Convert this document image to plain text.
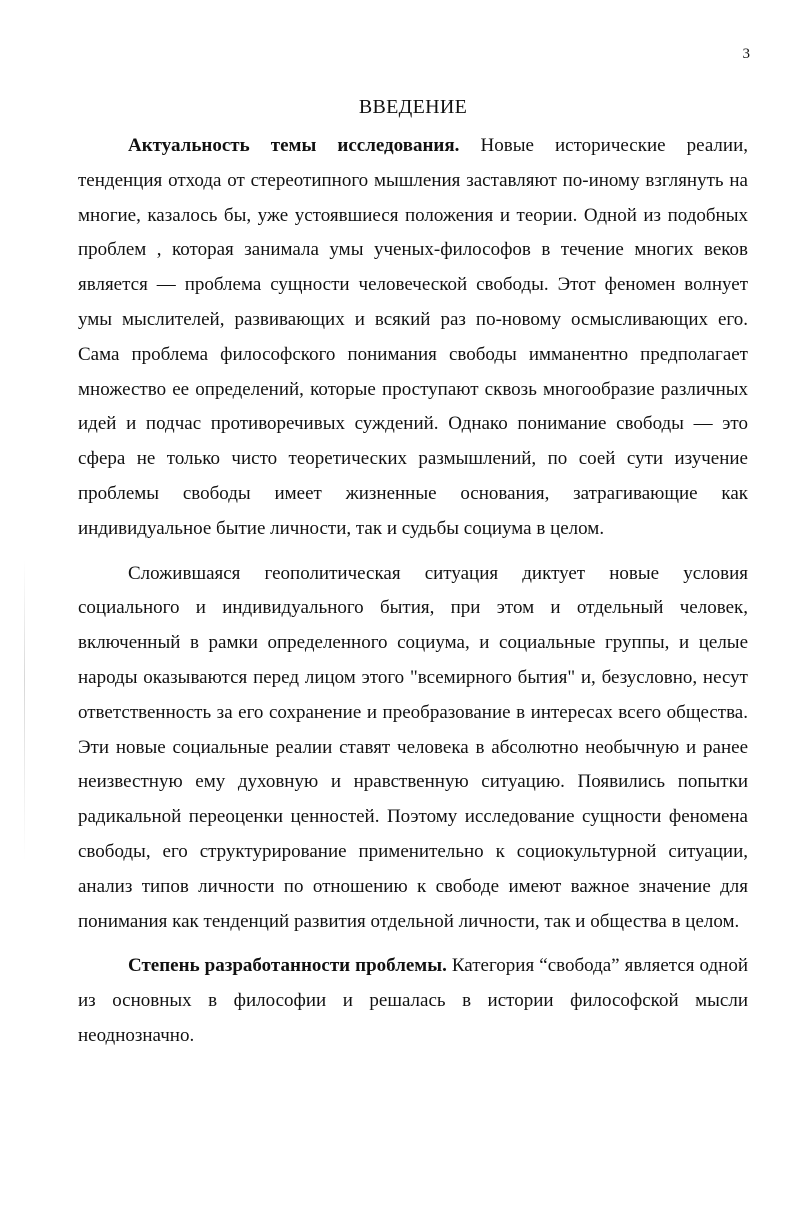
3
ВВЕДЕНИЕ

Актуальность темы исследования. Новые исторические реалии, тенденция отхода от стереотипного мышления заставляют по-иному взглянуть на многие, казалось бы, уже устоявшиеся положения и теории. Одной из подобных проблем , которая занимала умы ученых-философов в течение многих веков является — проблема сущности человеческой свободы. Этот феномен волнует умы мыслителей, развивающих и всякий раз по-новому осмысливающих его. Сама проблема философского понимания свободы имманентно предполагает множество ее определений, которые проступают сквозь многообразие различных идей и подчас противоречивых суждений. Однако понимание свободы — это сфера не только чисто теоретических размышлений, по соей сути изучение проблемы свободы имеет жизненные основания, затрагивающие как индивидуальное бытие личности, так и судьбы социума в целом.

Сложившаяся геополитическая ситуация диктует новые условия социального и индивидуального бытия, при этом и отдельный человек, включенный в рамки определенного социума, и социальные группы, и целые народы оказываются перед лицом этого "всемирного бытия" и, безусловно, несут ответственность за его сохранение и преобразование в интересах всего общества. Эти новые социальные реалии ставят человека в абсолютно необычную и ранее неизвестную ему духовную и нравственную ситуацию. Появились попытки радикальной переоценки ценностей. Поэтому исследование сущности феномена свободы, его структурирование применительно к социокультурной ситуации, анализ типов личности по отношению к свободе имеют важное значение для понимания как тенденций развития отдельной личности, так и общества в целом.

Степень разработанности проблемы. Категория “свобода” является одной из основных в философии и решалась в истории философской мысли неоднозначно.
